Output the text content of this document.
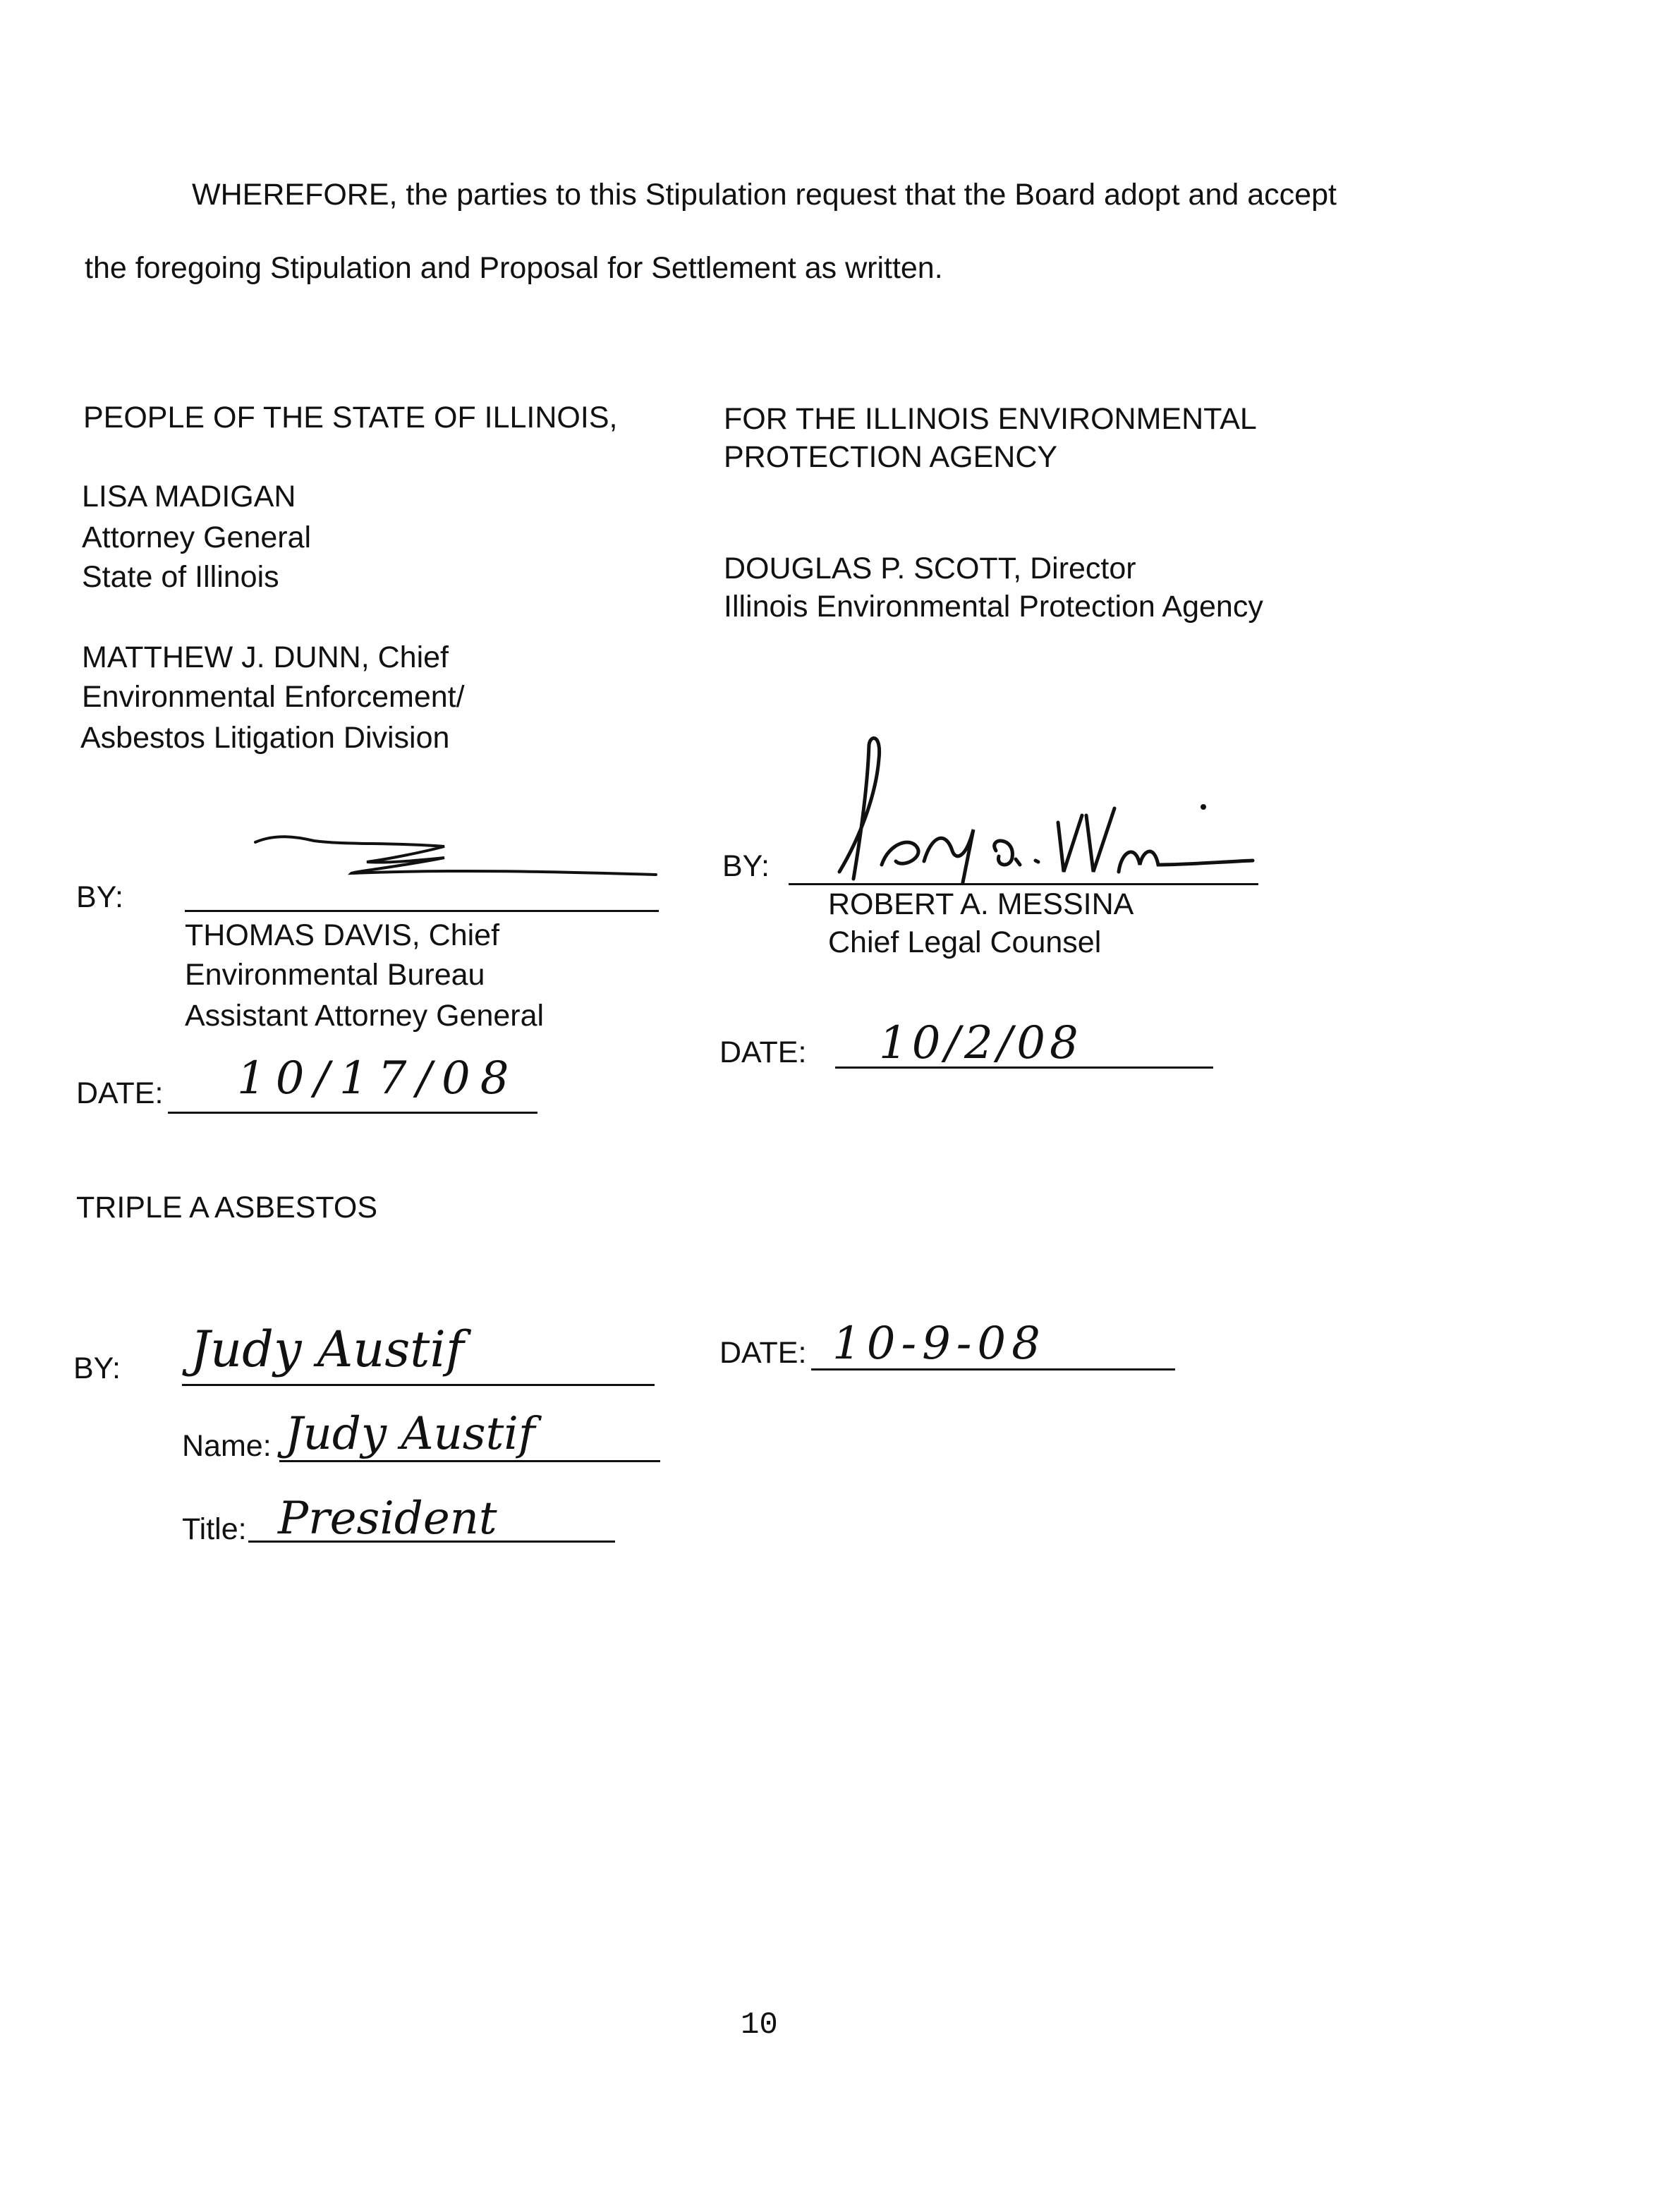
WHEREFORE, the parties to this Stipulation request that the Board adopt and accept
the foregoing Stipulation and Proposal for Settlement as written.
PEOPLE OF THE STATE OF ILLINOIS,
LISA MADIGAN
Attorney General
State of Illinois
MATTHEW J. DUNN, Chief
Environmental Enforcement/
Asbestos Litigation Division
BY:
THOMAS DAVIS, Chief
Environmental Bureau
Assistant Attorney General
DATE: 10/17/08
FOR THE ILLINOIS ENVIRONMENTAL
PROTECTION AGENCY
DOUGLAS P. SCOTT, Director
Illinois Environmental Protection Agency
BY:
ROBERT A. MESSINA
Chief Legal Counsel
DATE: 10/2/08
TRIPLE A ASBESTOS
BY: Judy Austif
Name: Judy Austif
Title: President
DATE: 10-9-08
10
